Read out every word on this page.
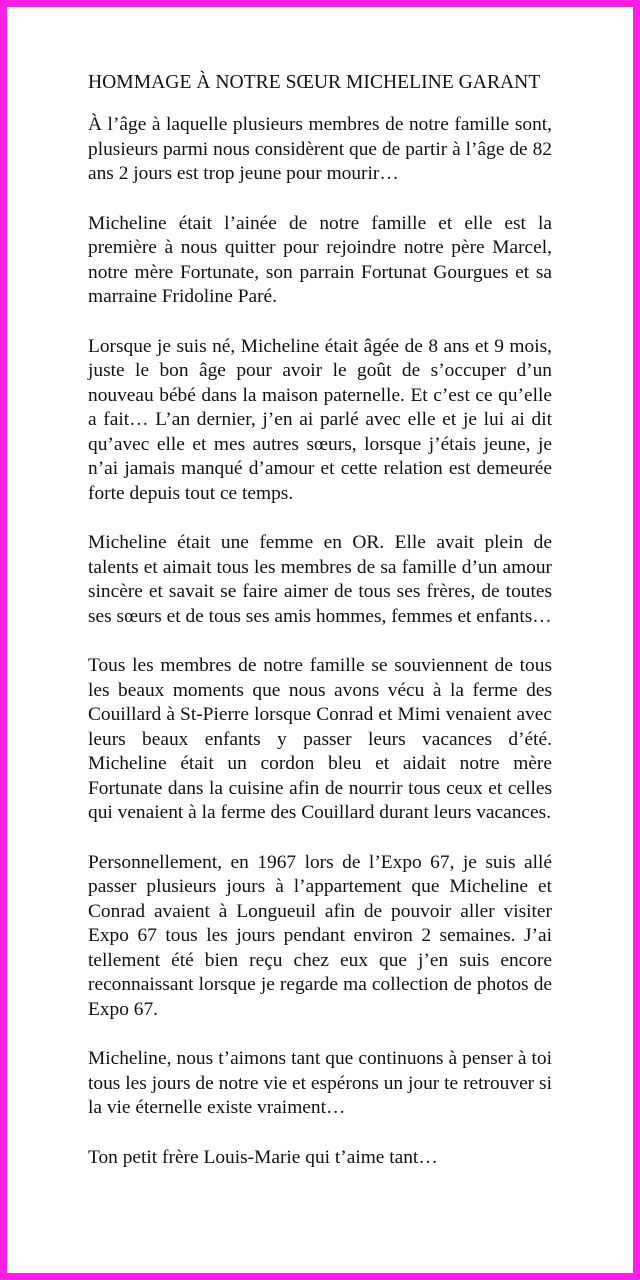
HOMMAGE À NOTRE SŒUR MICHELINE GARANT

À l’âge à laquelle plusieurs membres de notre famille sont, plusieurs parmi nous considèrent que de partir à l’âge de 82 ans 2 jours est trop jeune pour mourir…

Micheline était l’ainée de notre famille et elle est la première à nous quitter pour rejoindre notre père Marcel, notre mère Fortunate, son parrain Fortunat Gourgues et sa marraine Fridoline Paré.

Lorsque je suis né, Micheline était âgée de 8 ans et 9 mois, juste le bon âge pour avoir le goût de s’occuper d’un nouveau bébé dans la maison paternelle. Et c’est ce qu’elle a fait… L’an dernier, j’en ai parlé avec elle et je lui ai dit qu’avec elle et mes autres sœurs, lorsque j’étais jeune, je n’ai jamais manqué d’amour et cette relation est demeurée forte depuis tout ce temps.

Micheline était une femme en OR. Elle avait plein de talents et aimait tous les membres de sa famille d’un amour sincère et savait se faire aimer de tous ses frères, de toutes ses sœurs et de tous ses amis hommes, femmes et enfants…

Tous les membres de notre famille se souviennent de tous les beaux moments que nous avons vécu à la ferme des Couillard à St-Pierre lorsque Conrad et Mimi venaient avec leurs beaux enfants y passer leurs vacances d’été. Micheline était un cordon bleu et aidait notre mère Fortunate dans la cuisine afin de nourrir tous ceux et celles qui venaient à la ferme des Couillard durant leurs vacances.

Personnellement, en 1967 lors de l’Expo 67, je suis allé passer plusieurs jours à l’appartement que Micheline et Conrad avaient à Longueuil afin de pouvoir aller visiter Expo 67 tous les jours pendant environ 2 semaines. J’ai tellement été bien reçu chez eux que j’en suis encore reconnaissant lorsque je regarde ma collection de photos de Expo 67.

Micheline, nous t’aimons tant que continuons à penser à toi tous les jours de notre vie et espérons un jour te retrouver si la vie éternelle existe vraiment…

Ton petit frère Louis-Marie qui t’aime tant…
